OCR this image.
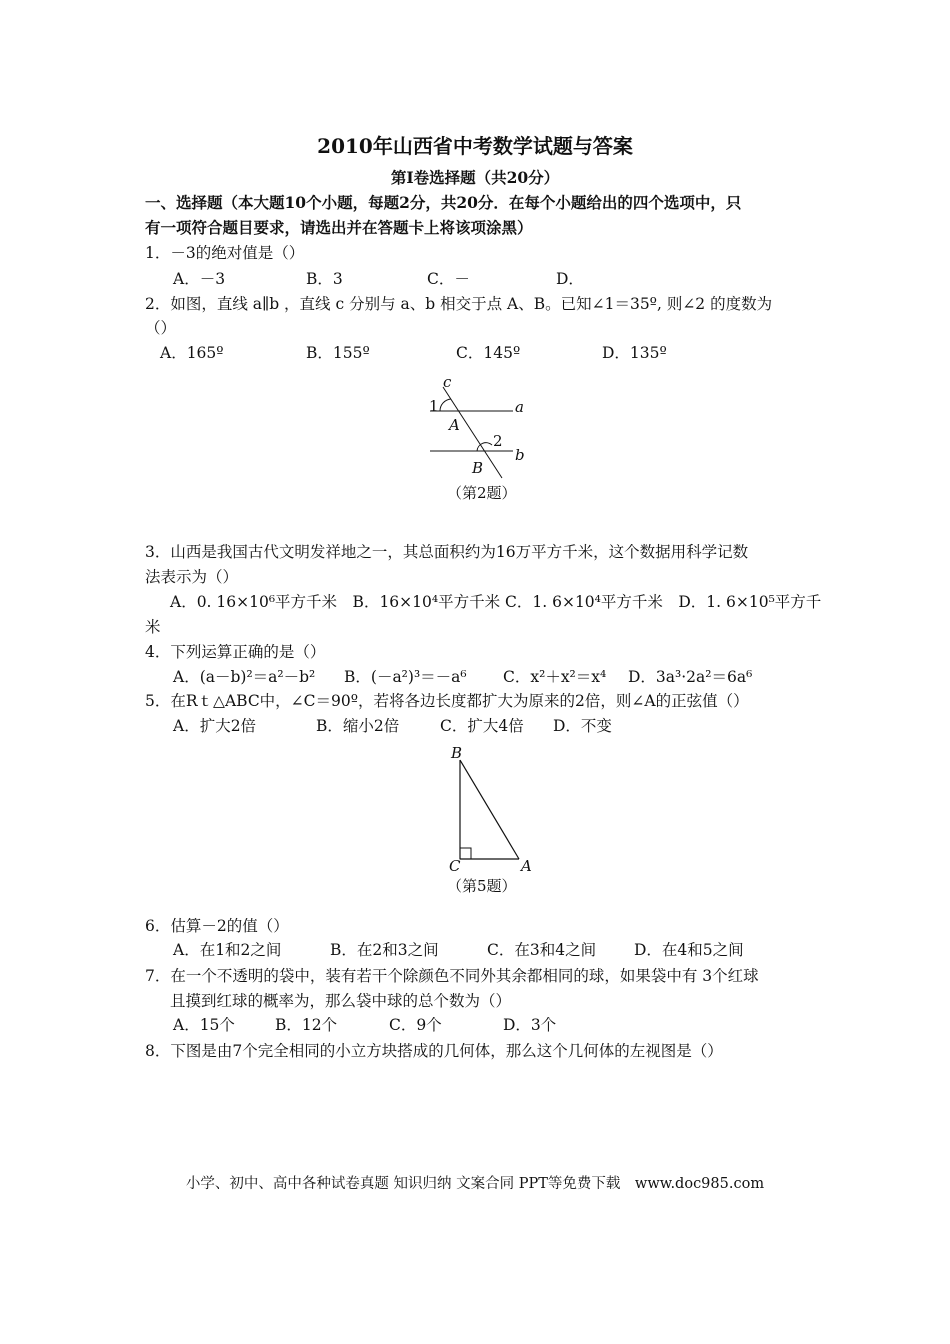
2010年山西省中考数学试题与答案
第Ⅰ卷选择题（共20分）
一、选择题（本大题10个小题，每题2分，共20分．在每个小题给出的四个选项中，只
有一项符合题目要求，请选出并在答题卡上将该项涂黑）
1．－3的绝对值是（）
A．－3	B．3	C．－	D．
2．如图，直线 a∥b ，直线 c 分别与 a、b 相交于点 A、B。已知∠1＝35º, 则∠2 的度数为
（）
A．165º	B．155º	C．145º	D．135º
c
1	a
A
2
b
B
（第2题）
3．山西是我国古代文明发祥地之一，其总面积约为16万平方千米，这个数据用科学记数
法表示为（）
A．0. 16×10⁶平方千米　B．16×10⁴平方千米 C．1. 6×10⁴平方千米　D．1. 6×10⁵平方千
米
4．下列运算正确的是（）
A．(a－b)²＝a²－b² B．(－a²)³＝－a⁶ C．x²＋x²＝x⁴ D．3a³·2a²＝6a⁶
5．在Rｔ△ABC中，∠C＝90º，若将各边长度都扩大为原来的2倍，则∠A的正弦值（）
A．扩大2倍	B．缩小2倍	C．扩大4倍 D．不变
B
C	A
（第5题）
6．估算－2的值（）
A．在1和2之间	B．在2和3之间	C．在3和4之间 D．在4和5之间
7．在一个不透明的袋中，装有若干个除颜色不同外其余都相同的球，如果袋中有 3个红球
且摸到红球的概率为，那么袋中球的总个数为（）
A．15个	B．12个	C．9个	D．3个
8．下图是由7个完全相同的小立方块搭成的几何体，那么这个几何体的左视图是（）
小学、初中、高中各种试卷真题 知识归纳 文案合同 PPT等免费下载　www.doc985.com
